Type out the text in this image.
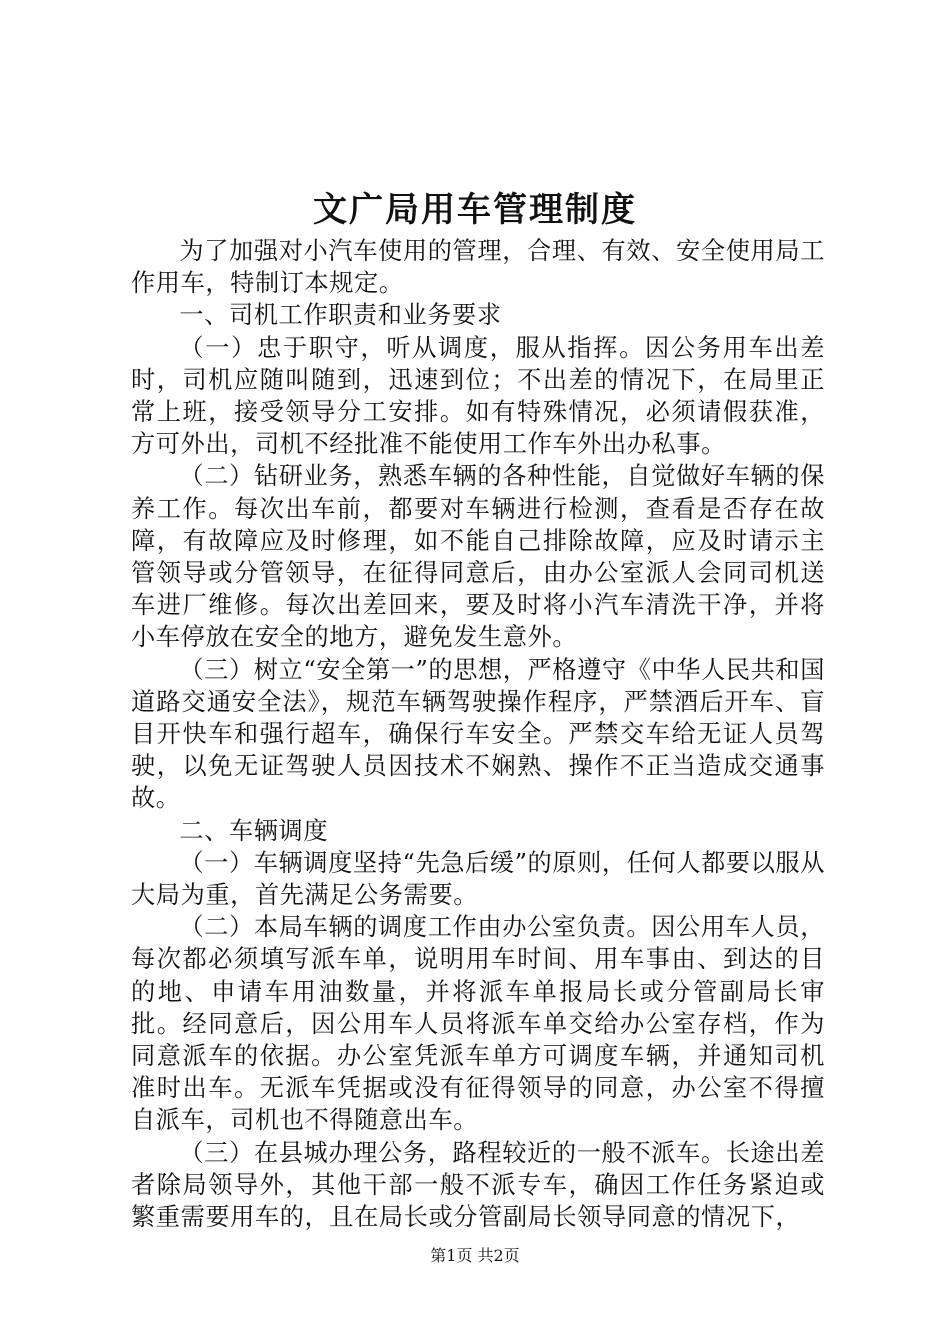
文广局用车管理制度

为了加强对小汽车使用的管理，合理、有效、安全使用局工作用车，特制订本规定。

一、司机工作职责和业务要求

（一）忠于职守，听从调度，服从指挥。因公务用车出差时，司机应随叫随到，迅速到位；不出差的情况下，在局里正常上班，接受领导分工安排。如有特殊情况，必须请假获准，方可外出，司机不经批准不能使用工作车外出办私事。

（二）钻研业务，熟悉车辆的各种性能，自觉做好车辆的保养工作。每次出车前，都要对车辆进行检测，查看是否存在故障，有故障应及时修理，如不能自己排除故障，应及时请示主管领导或分管领导，在征得同意后，由办公室派人会同司机送车进厂维修。每次出差回来，要及时将小汽车清洗干净，并将小车停放在安全的地方，避免发生意外。

（三）树立“安全第一”的思想，严格遵守《中华人民共和国道路交通安全法》，规范车辆驾驶操作程序，严禁酒后开车、盲目开快车和强行超车，确保行车安全。严禁交车给无证人员驾驶，以免无证驾驶人员因技术不娴熟、操作不正当造成交通事故。

二、车辆调度

（一）车辆调度坚持“先急后缓”的原则，任何人都要以服从大局为重，首先满足公务需要。

（二）本局车辆的调度工作由办公室负责。因公用车人员，每次都必须填写派车单，说明用车时间、用车事由、到达的目的地、申请车用油数量，并将派车单报局长或分管副局长审批。经同意后，因公用车人员将派车单交给办公室存档，作为同意派车的依据。办公室凭派车单方可调度车辆，并通知司机准时出车。无派车凭据或没有征得领导的同意，办公室不得擅自派车，司机也不得随意出车。

（三）在县城办理公务，路程较近的一般不派车。长途出差者除局领导外，其他干部一般不派专车，确因工作任务紧迫或繁重需要用车的，且在局长或分管副局长领导同意的情况下，

第1页 共2页
